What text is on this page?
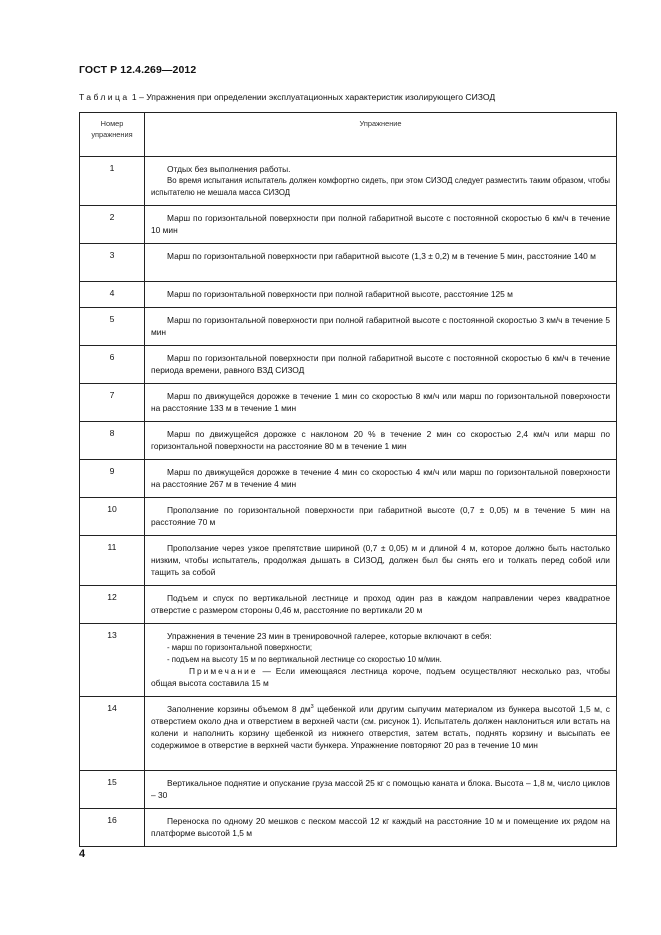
ГОСТ Р 12.4.269—2012
Таблица 1 – Упражнения при определении эксплуатационных характеристик изолирующего СИЗОД
Номер упражнения	Упражнение
1	Отдых без выполнения работы.
Во время испытания испытатель должен комфортно сидеть, при этом СИЗОД следует разместить таким образом, чтобы испытателю не мешала масса СИЗОД

2	Марш по горизонтальной поверхности при полной габаритной высоте с постоянной скоростью 6 км/ч в течение 10 мин

3	Марш по горизонтальной поверхности при габаритной высоте (1,3 ± 0,2) м в течение 5 мин, расстояние 140 м

4	Марш по горизонтальной поверхности при полной габаритной высоте, расстояние 125 м

5	Марш по горизонтальной поверхности при полной габаритной высоте с постоянной скоростью 3 км/ч в течение 5 мин

6	Марш по горизонтальной поверхности при полной габаритной высоте с постоянной скоростью 6 км/ч в течение периода времени, равного ВЗД СИЗОД

7	Марш по движущейся дорожке в течение 1 мин со скоростью 8 км/ч или марш по горизонтальной поверхности на расстояние 133 м в течение 1 мин

8	Марш по движущейся дорожке с наклоном 20 % в течение 2 мин со скоростью 2,4 км/ч или марш по горизонтальной поверхности на расстояние 80 м в течение 1 мин

9	Марш по движущейся дорожке в течение 4 мин со скоростью 4 км/ч или марш по горизонтальной поверхности на расстояние 267 м в течение 4 мин

10	Проползание по горизонтальной поверхности при габаритной высоте (0,7 ± 0,05) м в течение 5 мин на расстояние 70 м

11	Проползание через узкое препятствие шириной (0,7 ± 0,05) м и длиной 4 м, которое должно быть настолько низким, чтобы испытатель, продолжая дышать в СИЗОД, должен был бы снять его и толкать перед собой или тащить за собой

12	Подъем и спуск по вертикальной лестнице и проход один раз в каждом направлении через квадратное отверстие с размером стороны 0,46 м, расстояние по вертикали 20 м

13	Упражнения в течение 23 мин в тренировочной галерее, которые включают в себя:
- марш по горизонтальной поверхности;
- подъем на высоту 15 м по вертикальной лестнице со скоростью 10 м/мин.
Примечание — Если имеющаяся лестница короче, подъем осуществляют несколько раз, чтобы общая высота составила 15 м

14	Заполнение корзины объемом 8 $дм^3$ щебенкой или другим сыпучим материалом из бункера высотой 1,5 м, с отверстием около дна и отверстием в верхней части (см. рисунок 1). Испытатель должен наклониться или встать на колени и наполнить корзину щебенкой из нижнего отверстия, затем встать, поднять корзину и высыпать ее содержимое в отверстие в верхней части бункера. Упражнение повторяют 20 раз в течение 10 мин

15	Вертикальное поднятие и опускание груза массой 25 кг с помощью каната и блока. Высота – 1,8 м, число циклов – 30

16	Переноска по одному 20 мешков с песком массой 12 кг каждый на расстояние 10 м и помещение их рядом на платформе высотой 1,5 м
4
